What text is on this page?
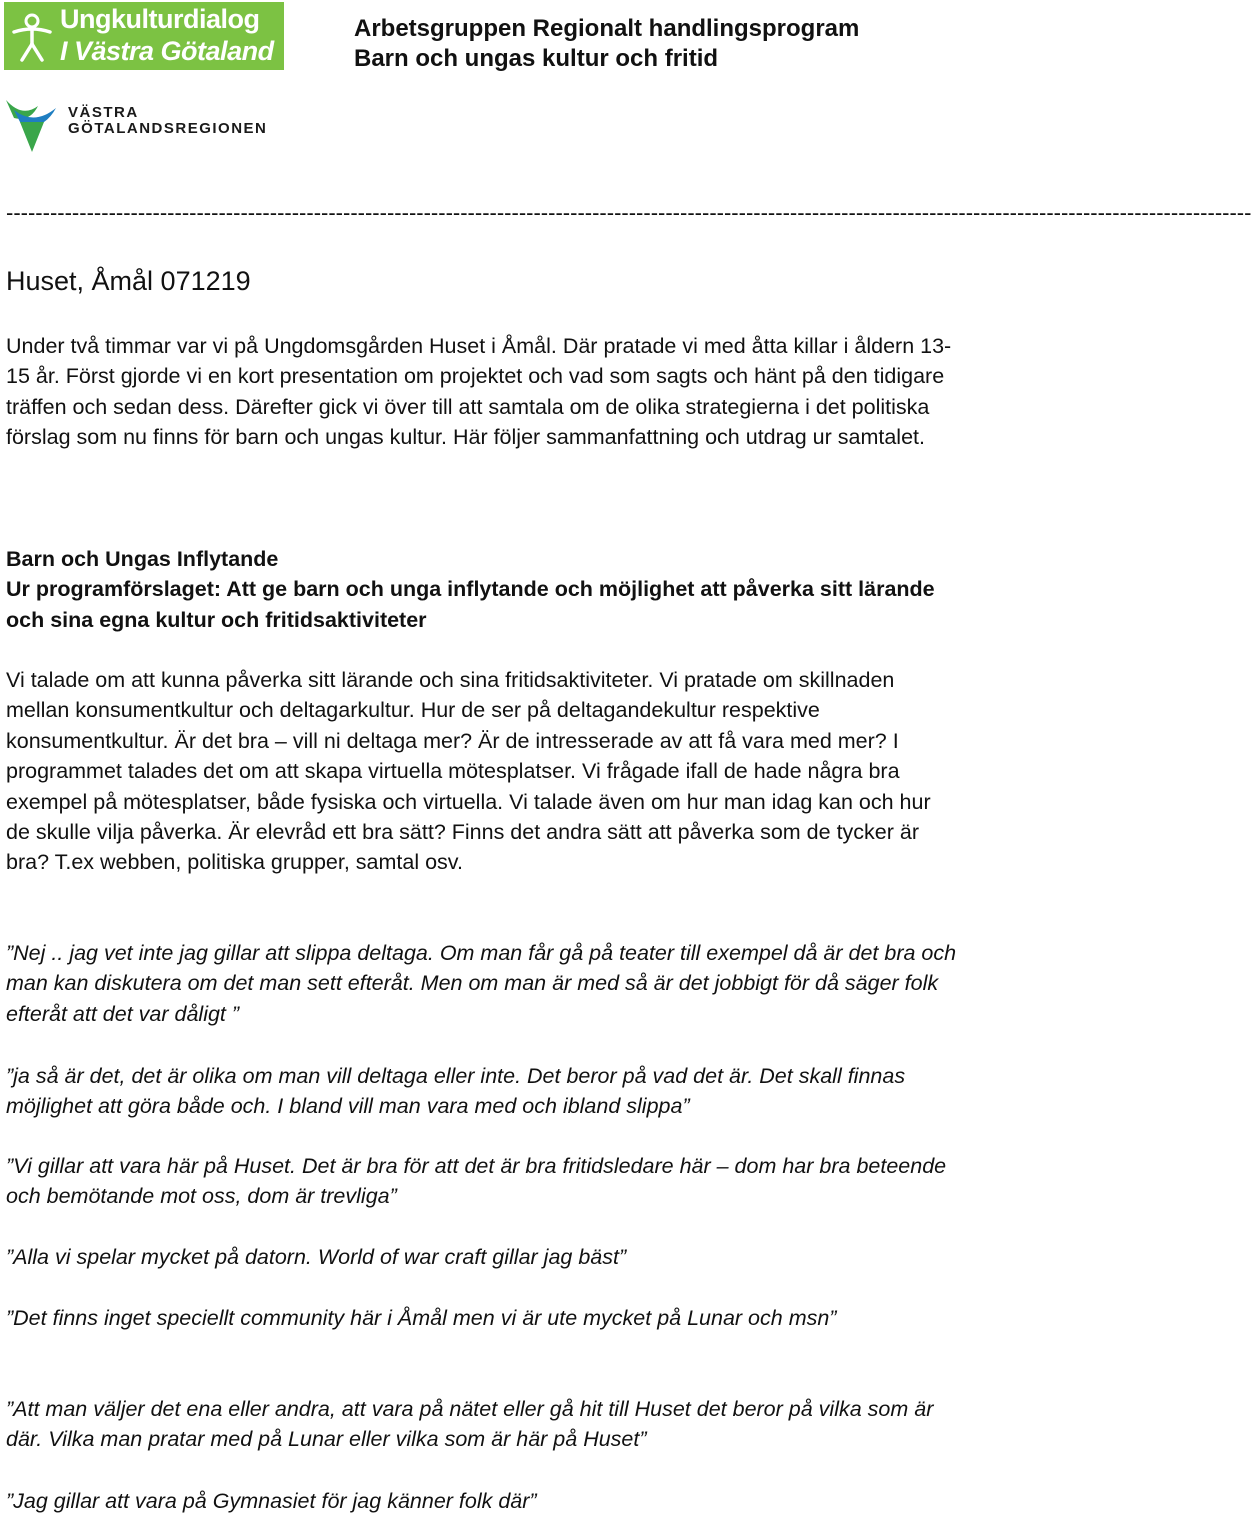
Ungkulturdialog
I Västra Götaland
VÄSTRA
GÖTALANDSREGIONEN
Arbetsgruppen Regionalt handlingsprogram
Barn och ungas kultur och fritid
--------------------------------------------------------------------------------------------------------------------------------------------------------------------------
Huset, Åmål 071219
Under två timmar var vi på Ungdomsgården Huset i Åmål. Där pratade vi med åtta killar i åldern 13-15 år. Först gjorde vi en kort presentation om projektet och vad som sagts och hänt på den tidigare träffen och sedan dess. Därefter gick vi över till att samtala om de olika strategierna i det politiska förslag som nu finns för barn och ungas kultur. Här följer sammanfattning och utdrag ur samtalet.
Barn och Ungas Inflytande
Ur programförslaget: Att ge barn och unga inflytande och möjlighet att påverka sitt lärande och sina egna kultur och fritidsaktiviteter
Vi talade om att kunna påverka sitt lärande och sina fritidsaktiviteter. Vi pratade om skillnaden mellan konsumentkultur och deltagarkultur. Hur de ser på deltagandekultur respektive konsumentkultur. Är det bra – vill ni deltaga mer? Är de intresserade av att få vara med mer? I programmet talades det om att skapa virtuella mötesplatser. Vi frågade ifall de hade några bra exempel på mötesplatser, både fysiska och virtuella. Vi talade även om hur man idag kan och hur de skulle vilja påverka. Är elevråd ett bra sätt? Finns det andra sätt att påverka som de tycker är bra? T.ex webben, politiska grupper, samtal osv.
”Nej .. jag vet inte jag gillar att slippa deltaga. Om man får gå på teater till exempel då är det bra och man kan diskutera om det man sett efteråt. Men om man är med så är det jobbigt för då säger folk efteråt att det var dåligt ”
”ja så är det, det är olika om man vill deltaga eller inte. Det beror på vad det är. Det skall finnas möjlighet att göra både och. I bland vill man vara med och ibland slippa”
”Vi gillar att vara här på Huset. Det är bra för att det är bra fritidsledare här – dom har bra beteende och bemötande mot oss, dom är trevliga”
”Alla vi spelar mycket på datorn. World of war craft gillar jag bäst”
”Det finns inget speciellt community här i Åmål men vi är ute mycket på Lunar och msn”
”Att man väljer det ena eller andra, att vara på nätet eller gå hit till Huset det beror på vilka som är där. Vilka man pratar med på Lunar eller vilka som är här på Huset”
”Jag gillar att vara på Gymnasiet för jag känner folk där”
